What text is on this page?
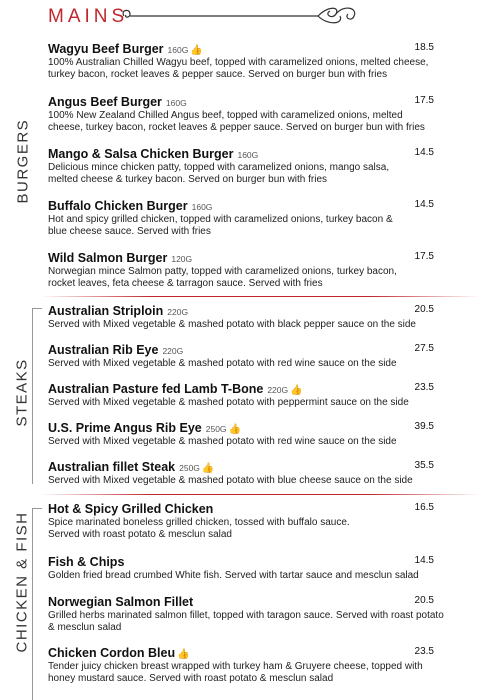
MAINS
BURGERS
STEAKS
CHICKEN & FISH
Wagyu Beef Burger 160G 👍	18.5
100% Australian Chilled Wagyu beef, topped with caramelized onions, melted cheese,
turkey bacon, rocket leaves & pepper sauce. Served on burger bun with fries
Angus Beef Burger 160G	17.5
100% New Zealand Chilled Angus beef, topped with caramelized onions, melted
cheese, turkey bacon, rocket leaves & pepper sauce. Served on burger bun with fries
Mango & Salsa Chicken Burger 160G	14.5
Delicious mince chicken patty, topped with caramelized onions, mango salsa,
melted cheese & turkey bacon. Served on burger bun with fries
Buffalo Chicken Burger 160G	14.5
Hot and spicy grilled chicken, topped with caramelized onions, turkey bacon &
blue cheese sauce. Served with fries
Wild Salmon Burger 120G	17.5
Norwegian mince Salmon patty, topped with caramelized onions, turkey bacon,
rocket leaves, feta cheese & tarragon sauce. Served with fries
Australian Striploin 220G	20.5
Served with Mixed vegetable & mashed potato with black pepper sauce on the side
Australian Rib Eye 220G	27.5
Served with Mixed vegetable & mashed potato with red wine sauce on the side
Australian Pasture fed Lamb T-Bone 220G 👍	23.5
Served with Mixed vegetable & mashed potato with peppermint sauce on the side
U.S. Prime Angus Rib Eye 250G 👍	39.5
Served with Mixed vegetable & mashed potato with red wine sauce on the side
Australian fillet Steak 250G 👍	35.5
Served with Mixed vegetable & mashed potato with blue cheese sauce on the side
Hot & Spicy Grilled Chicken	16.5
Spice marinated boneless grilled chicken, tossed with buffalo sauce.
Served with roast potato & mesclun salad
Fish & Chips	14.5
Golden fried bread crumbed White fish. Served with tartar sauce and mesclun salad
Norwegian Salmon Fillet	20.5
Grilled herbs marinated salmon fillet, topped with taragon sauce. Served with roast potato
& mesclun salad
Chicken Cordon Bleu 👍	23.5
Tender juicy chicken breast wrapped with turkey ham & Gruyere cheese, topped with
honey mustard sauce. Served with roast potato & mesclun salad
